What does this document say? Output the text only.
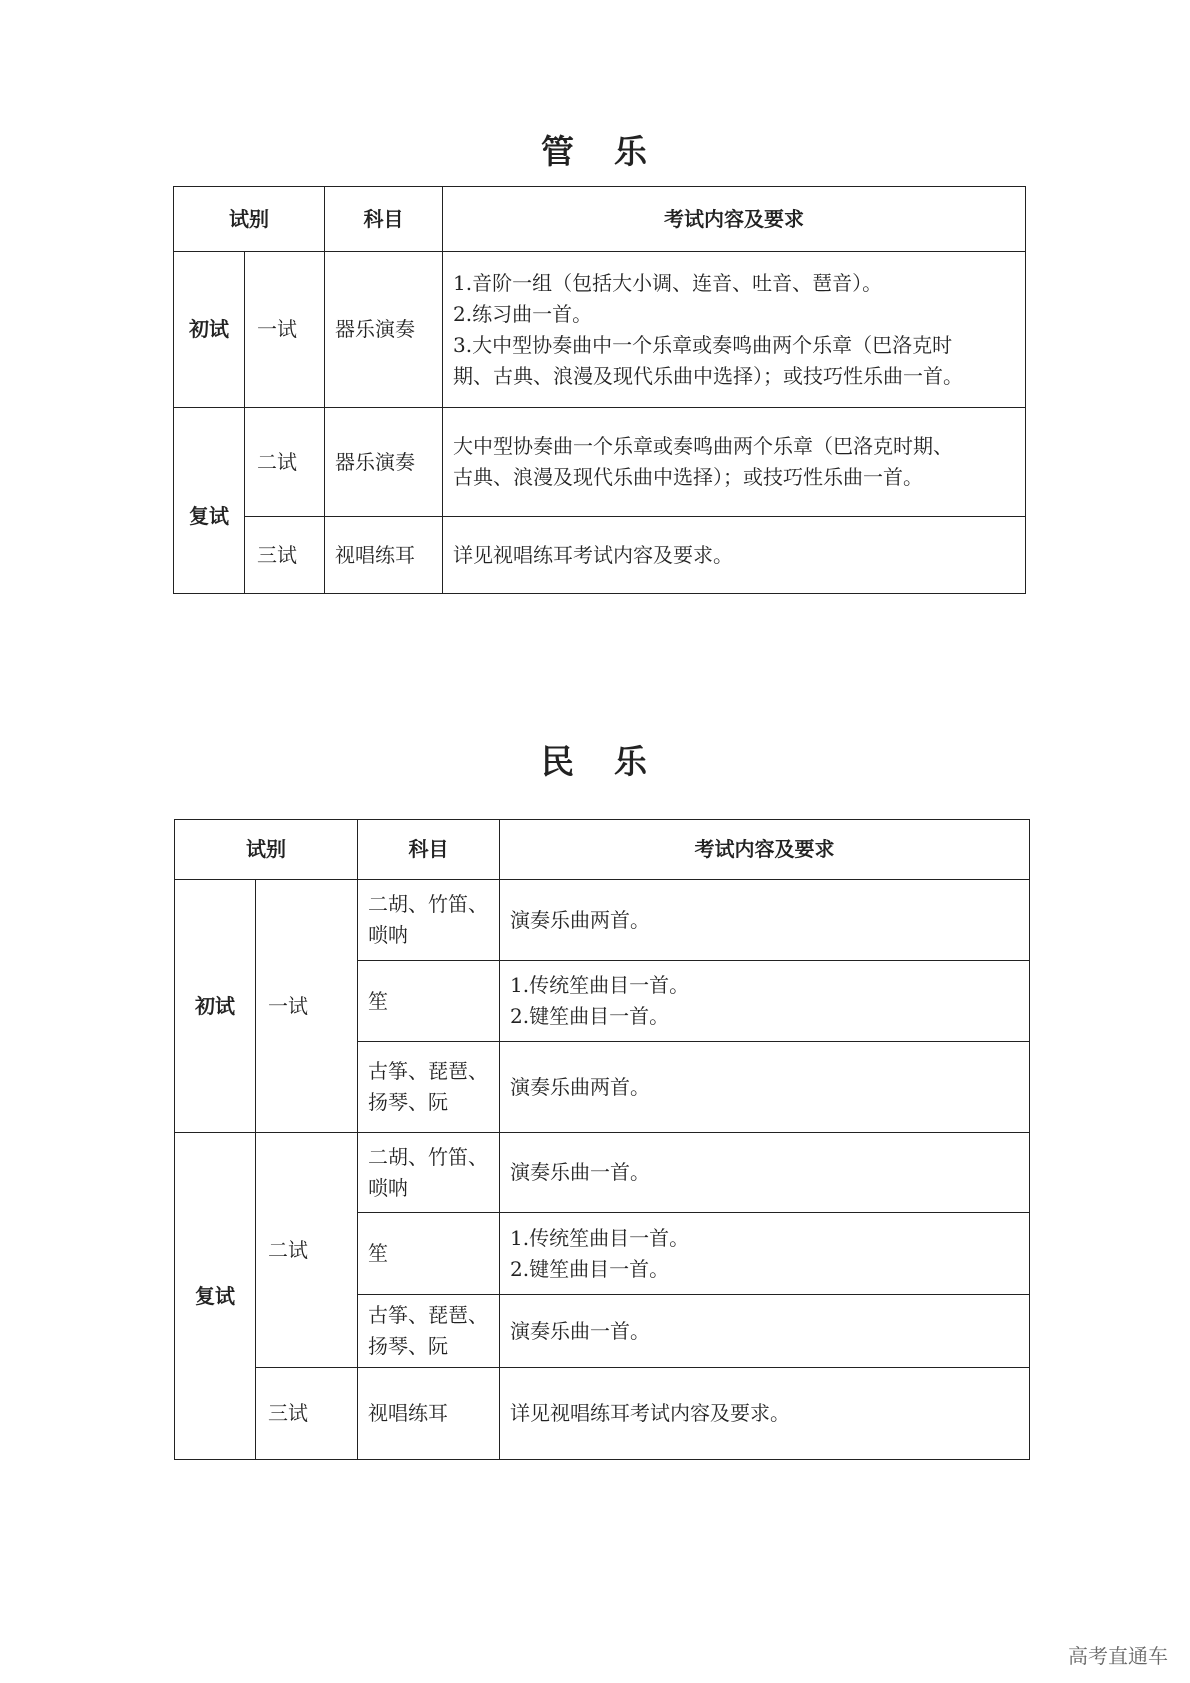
管 乐
试别		科目	考试内容及要求
初试	一试	器乐演奏	1.音阶一组（包括大小调、连音、吐音、琶音）。
2.练习曲一首。
3.大中型协奏曲中一个乐章或奏鸣曲两个乐章（巴洛克时
期、古典、浪漫及现代乐曲中选择）；或技巧性乐曲一首。

复试	二试	器乐演奏	大中型协奏曲一个乐章或奏鸣曲两个乐章（巴洛克时期、
古典、浪漫及现代乐曲中选择）；或技巧性乐曲一首。

	三试	视唱练耳	详见视唱练耳考试内容及要求。
民 乐
试别		科目	考试内容及要求
初试	一试	二胡、竹笛、
唢呐	演奏乐曲两首。
		笙	1.传统笙曲目一首。
2.键笙曲目一首。

		古筝、琵琶、
扬琴、阮	演奏乐曲两首。
复试	二试	二胡、竹笛、
唢呐	演奏乐曲一首。
		笙	1.传统笙曲目一首。
2.键笙曲目一首。

		古筝、琵琶、
扬琴、阮	演奏乐曲一首。
	三试	视唱练耳	详见视唱练耳考试内容及要求。
高考直通车
